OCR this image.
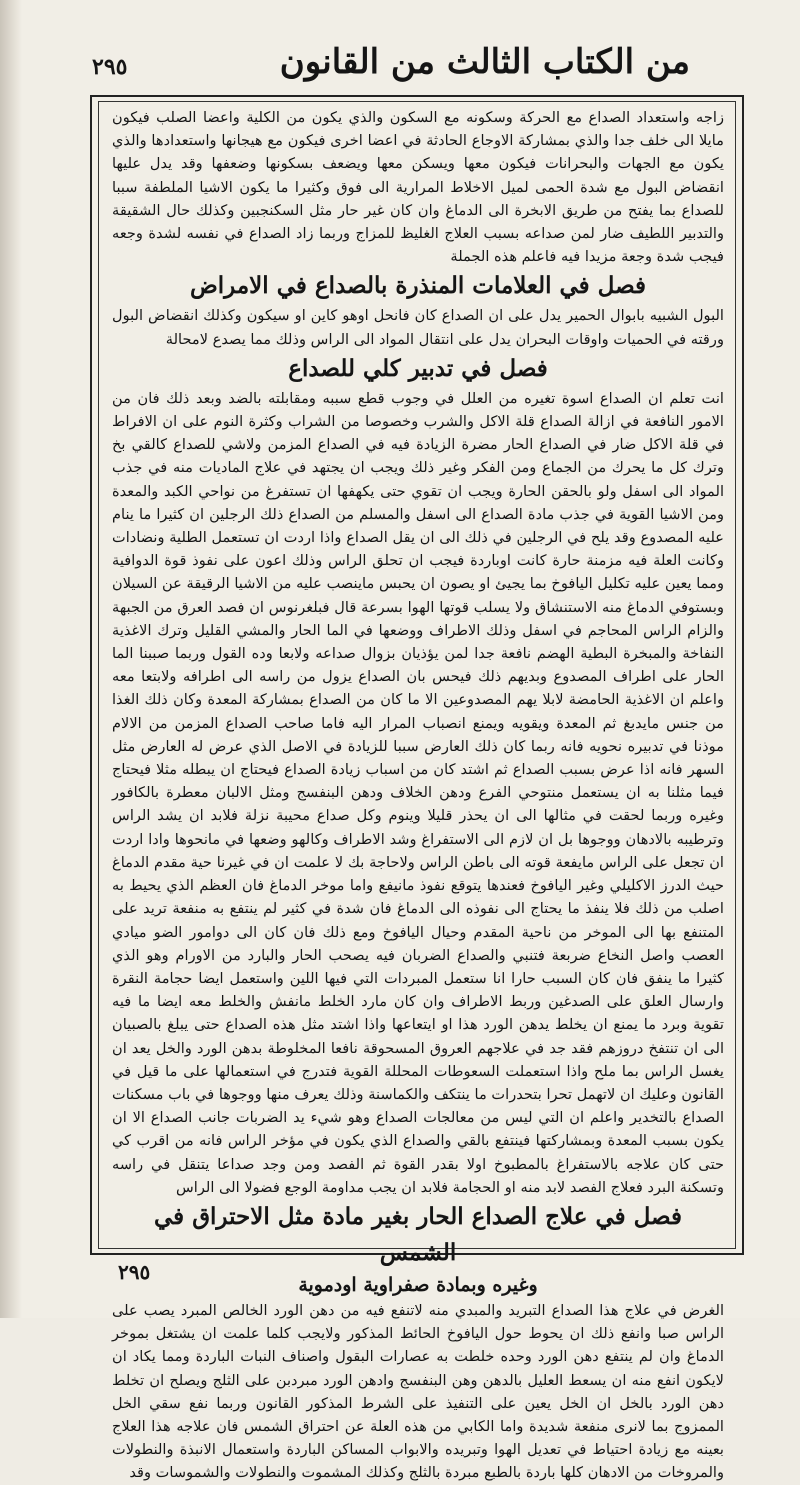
من الكتاب الثالث من القانون
٢٩٥

زاجه واستعداد الصداع مع الحركة وسكونه مع السكون والذي يكون من الكلية واعضا الصلب فيكون مايلا الى خلف جدا والذي بمشاركة الاوجاع الحادثة في اعضا اخرى فيكون مع هيجانها واستعدادها والذي يكون مع الجهات والبحرانات فيكون معها ويسكن معها ويضعف بسكونها وضعفها وقد يدل عليها انقضاض البول مع شدة الحمى لميل الاخلاط المرارية الى فوق وكثيرا ما يكون الاشيا الملطفة سببا للصداع بما يفتح من طريق الابخرة الى الدماغ وان كان غير حار مثل السكنجبين وكذلك حال الشقيقة والتدبير اللطيف ضار لمن صداعه بسبب العلاج الغليظ للمزاج وربما زاد الصداع في نفسه لشدة وجعه فيجب شدة وجعة مزيدا فيه فاعلم هذه الجملة

فصل في العلامات المنذرة بالصداع في الامراض

البول الشبيه بابوال الحمير يدل على ان الصداع كان فانحل اوهو كاين او سيكون وكذلك انقضاض البول ورقته في الحميات واوقات البحران يدل على انتقال المواد الى الراس وذلك مما يصدع لامحالة

فصل في تدبير كلي للصداع

انت تعلم ان الصداع اسوة تغيره من العلل في وجوب قطع سببه ومقابلته بالضد وبعد ذلك فان من الامور النافعة في ازالة الصداع قلة الاكل والشرب وخصوصا من الشراب وكثرة النوم على ان الافراط في قلة الاكل ضار في الصداع الحار مضرة الزيادة فيه في الصداع المزمن ولاشي للصداع كالقي بخ وترك كل ما يحرك من الجماع ومن الفكر وغير ذلك ويجب ان يجتهد في علاج الماديات منه في جذب المواد الى اسفل ولو بالحقن الحارة ويجب ان تقوي حتى يكهفها ان تستفرغ من نواحي الكبد والمعدة ومن الاشيا القوية في جذب مادة الصداع الى اسفل والمسلم من الصداع ذلك الرجلين ان كثيرا ما ينام عليه المصدوع وقد يلح في الرجلين في ذلك الى ان يقل الصداع واذا اردت ان تستعمل الطلية ونضادات وكانت العلة فيه مزمنة حارة كانت اوباردة فيجب ان تحلق الراس وذلك اعون على نفوذ قوة الدوافية ومما يعين عليه تكليل اليافوخ بما يجيئ او يصون ان يحبس ماينصب عليه من الاشيا الرقيقة عن السيلان وبستوفي الدماغ منه الاستنشاق ولا يسلب قوتها الهوا بسرعة قال فبلغرنوس ان فصد العرق من الجبهة والزام الراس المحاجم في اسفل وذلك الاطراف ووضعها في الما الحار والمشي القليل وترك الاغذية النفاخة والمبخرة البطية الهضم نافعة جدا لمن يؤذيان بزوال صداعه ولابعا وده القول وربما صببنا الما الحار على اطراف المصدوع وبديهم ذلك فيحس بان الصداع يزول من راسه الى اطرافه ولابتعا معه واعلم ان الاغذية الحامضة لابلا يهم المصدوعين الا ما كان من الصداع بمشاركة المعدة وكان ذلك الغذا من جنس مايدبغ ثم المعدة ويقويه ويمنع انصباب المرار اليه فاما صاحب الصداع المزمن من الالام موذنا في تدبيره نحويه فانه ربما كان ذلك العارض سببا للزيادة في الاصل الذي عرض له العارض مثل السهر فانه اذا عرض بسبب الصداع ثم اشتد كان من اسباب زيادة الصداع فيحتاج ان يبطله مثلا فيحتاج فيما مثلنا به ان يستعمل منتوحي الفرع ودهن الخلاف ودهن البنفسج ومثل الالبان معطرة بالكافور وغيره وربما لحقت في مثالها الى ان يحذر قليلا وينوم وكل صداع محيبة نزلة فلابد ان يشد الراس وترطيبه بالادهان ووجوها بل ان لازم الى الاستفراغ وشد الاطراف وكالهو وضعها في مانحوها وادا اردت ان تجعل على الراس مايفعة قوته الى باطن الراس ولاحاجة بك لا علمت ان في غيرنا حية مقدم الدماغ حيث الدرز الاكليلي وغير اليافوخ فعندها يتوقع نفوذ مانيفع واما موخر الدماغ فان العظم الذي يحيط به اصلب من ذلك فلا ينفذ ما يحتاج الى نفوذه الى الدماغ فان شدة في كثير لم ينتفع به منفعة تريد على المتنفع بها الى الموخر من ناحية المقدم وحيال اليافوخ ومع ذلك فان كان الى دوامور الضو ميادي العصب واصل النخاع ضربعة فتنبي والصداع الضربان فيه يصحب الحار والبارد من الاورام وهو الذي كثيرا ما ينفق فان كان السبب حارا انا ستعمل المبردات التي فيها اللين واستعمل ايضا حجامة النقرة وارسال العلق على الصدغين وربط الاطراف وان كان مارد الخلط مانفش والخلط معه ايضا ما فيه تقوية وبرد ما يمنع ان يخلط يدهن الورد هذا او ايتعاعها واذا اشتد مثل هذه الصداع حتى يبلغ بالصبيان الى ان تنتفخ دروزهم فقد جد في علاجهم العروق المسحوقة نافعا المخلوطة بدهن الورد والخل يعد ان يغسل الراس بما ملح واذا استعملت السعوطات المحللة القوية فتدرج في استعمالها على ما قيل في القانون وعليك ان لاتهمل تحرا بتحدرات ما ينتكف والكماسنة وذلك يعرف منها ووجوها في باب مسكنات الصداع بالتخدير واعلم ان التي ليس من معالجات الصداع وهو شيء يد الضربات جانب الصداع الا ان يكون بسبب المعدة وبمشاركتها فينتفع بالقي والصداع الذي يكون في مؤخر الراس فانه من اقرب كي حتى كان علاجه بالاستفراغ بالمطبوخ اولا بقدر القوة ثم الفصد ومن وجد صداعا يتنقل في راسه وتسكنة البرد فعلاج الفصد لابد منه او الحجامة فلابد ان يجب مداومة الوجع فضولا الى الراس

فصل في علاج الصداع الحار بغير مادة مثل الاحتراق في الشمس
وغيره وبمادة صفراوية اودموية

الغرض في علاج هذا الصداع التبريد والمبدي منه لاتنفع فيه من دهن الورد الخالص المبرد يصب على الراس صبا وانفع ذلك ان يحوط حول اليافوخ الحائط المذكور ولايجب كلما علمت ان يشتغل بموخر الدماغ وان لم ينتفع دهن الورد وحده خلطت به عصارات البقول واصناف النبات الباردة ومما يكاد ان لايكون انفع منه ان يسعط العليل بالدهن وهن البنفسج وادهن الورد مبردبن على الثلج ويصلح ان تخلط دهن الورد بالخل ان الخل يعين على التنفيذ على الشرط المذكور القانون وربما نفع سقي الخل الممزوج بما لانرى منفعة شديدة واما الكابي من هذه العلة عن احتراق الشمس فان علاجه هذا العلاج بعينه مع زيادة احتياط في تعديل الهوا وتبريده والابواب المساكن الباردة واستعمال الانبذة والنطولات والمروخات من الادهان كلها باردة بالطبع مبردة بالثلج وكذلك المشموت والنطولات والشموسات وقد

٢٩٥
